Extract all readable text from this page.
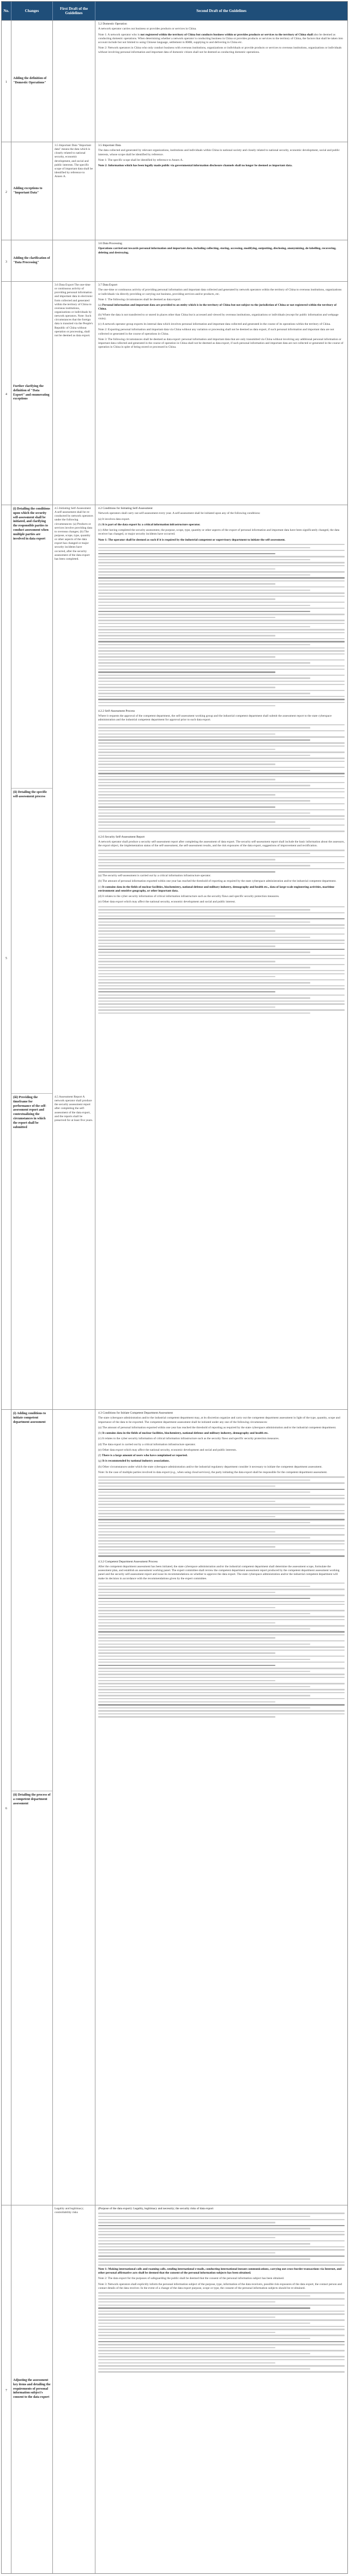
No.	Changes
First Draft of the Guidelines
Second Draft of the Guidelines
1
Adding the definition of "Domestic Operations"
5.2 Domestic Operation

A network operator carries out business or provides products or services in China.

Note 1: A network operator who is not registered within the territory of China but conducts business within or provides products or services to the territory of China shall also be deemed as conducting domestic operations. When determining whether a network operator is conducting business in China or provides products or services to the territory of China, the factors that shall be taken into account include but not limited to using Chinese language, settlement in RMB, supplying to and delivering in China etc.

Note 2: Network operators in China who only conduct business with overseas institutions, organizations or individuals or provide products or services to overseas institutions, organizations or individuals without involving personal information and important data of domestic citizen shall not be deemed as conducting domestic operations.

2
Adding exceptions to "Important Data"
3.5 Important Data "Important data" means the data which is closely related to national security, economic development, and social and public interests. The specific scope of important data shall be identified by reference to Annex A.
3.5 Important Data

The data collected and generated by relevant organizations, institutions and individuals within China in national society and closely related to national security, economic development, social and public interests, whose scope shall be identified by reference.

Note 1: The specific scope shall be identified by reference to Annex A.

Note 2: Information which has been legally made public via governmental information disclosure channels shall no longer be deemed as important data.

3
Adding the clarification of "Data Processing"
3.6 Data Processing

Operations carried out towards personal information and important data, including collecting, storing, accessing, modifying, outputting, disclosing, anonymizing, de-labelling, recovering, deleting and destroying.

4
Further clarifying the definition of "Data Export" and enumerating exceptions
3.6 Data Export The one-time or continuous activity of providing personal information and important data in electronic form collected and generated within the territory of China to overseas institutions, organizations or individuals by network operators. Note: Such circumstances that the foreign data is transited via the People's Republic of China without operation or processing, shall not be deemed as data export.
3.7 Data Export

The one-time or continuous activity of providing personal information and important data collected and generated by network operators within the territory of China to overseas institutions, organizations or individuals via directly providing or carrying out business, providing services and/or products, etc.

Note 1: The following circumstances shall be deemed as data export:

(a) Personal information and important data are provided to an entity which is in the territory of China but not subject to the jurisdiction of China or not registered within the territory of China.

(b) Where the data is not transferred to or stored in places other than China but is accessed and viewed by overseas institutions, organizations or individuals (except for public information and webpage visits).

(c) A network operator group exports its internal data which involves personal information and important data collected and generated in the course of its operations within the territory of China.

Note 2: Exporting personal information and important data via China without any variation or processing shall not be deemed as data export, if such personal information and important data are not collected or generated in the course of operations in China.

Note 3: The following circumstances shall be deemed as data export: personal information and important data that are only transmitted via China without involving any additional personal information or important data collected and generated in the course of operation in China shall not be deemed as data export, if such personal information and important data are not collected or generated in the course of operation in China in spite of being stored or processed in China.

5
(i) Detailing the conditions upon which the security self-assessment shall be initiated, and clarifying the responsible parties to conduct assessment when multiple parties are involved in data export
4.5 Initiating Self-Assessment A self-assessment shall be re-conducted by network operators under the following circumstances: (a) Products or services involve providing data to overseas changes; (b) The purpose, scope, type, quantity or other aspects of the data export has changed or major security incidents have occurred, after the security assessment of the data export has been completed.
(ii) Detailing the specific self-assessment process
(iii) Providing the timeframe for performance of the self-assessment report and contextualizing the circumstances in which the report shall be submitted
4.5 Assessment Report A network operator shall produce the security assessment report after completing the self-assessment of the data export, and the reports shall be preserved for at least five years.
4.2 Conditions for Initiating Self-Assessment

Network operators shall carry out self-assessment every year. A self-assessment shall be initiated upon any of the following conditions:

(a) It involves data export.

(b) It is part of the data export by a critical information infrastructure operator.

(c) After having completed the security assessment, the purpose, scope, type, quantity or other aspects of the export of personal information and important data have been significantly changed, the data receiver has changed, or major security incidents have occurred.

Note 1: The operator shall be deemed as such if it is required by the industrial competent or supervisory department to initiate the self-assessment.

4.2.2 Self-Assessment Process

Where it requests the approval of the competent department, the self-assessment working group and the industrial competent department shall submit the assessment report to the state cyberspace administration and the industrial competent department for approval prior to such data export.

4.2.6 Security Self-Assessment Report

A network operator shall produce a security self-assessment report after completing the assessment of data export. The security self-assessment report shall include the basic information about the assessors, the export object, the implementation status of the self-assessment, the self-assessment results, and the risk exposures of the data export, suggestions of improvement and rectification.

(a) The security self-assessment is carried out by a critical information infrastructure operator.

(b) The amount of personal information exported within one year has reached the threshold of reporting as required by the state cyberspace administration and/or the industrial competent department.

(c) It contains data in the fields of nuclear facilities, biochemistry, national defense and military industry, demography and health etc., data of large-scale engineering activities, maritime environment and sensitive geography, or other important data.

(d) It relates to the cyber security information of critical information infrastructure such as the security flaws and specific security protection measures.

(e) Other data export which may affect the national security, economic development and social and public interest.

6
(i) Adding conditions to initiate competent department assessment
(ii) Detailing the process of a competent department assessment
4.3 Conditions for Initiate Competent Department Assessment

The state cyberspace administration and/or the industrial competent department may, at its discretion organize and carry out the competent department assessment in light of the type, quantity, scope and importance of the data to be exported. The competent department assessment shall be initiated under any one of the following circumstances:

(a) The amount of personal information exported within one year has reached the threshold of reporting as required by the state cyberspace administration and/or the industrial competent department.

(b) It contains data in the fields of nuclear facilities, biochemistry, national defense and military industry, demography and health etc.

(c) It relates to the cyber security information of critical information infrastructure such as the security flaws and specific security protection measures.

(d) The data export is carried out by a critical information infrastructure operator.

(e) Other data export which may affect the national security, economic development and social and public interests.

(f) There is a large amount of users who have complained or reported.

(g) It is recommended by national industry associations.

(h) Other circumstances under which the state cyberspace administration and/or the industrial regulatory department consider it necessary to initiate the competent department assessment.

Note: In the case of multiple parties involved in data export (e.g., when using cloud services), the party initiating the data export shall be responsible for the competent department assessment.

4.3.2 Competent Department Assessment Process

After the competent department assessment has been initiated, the state cyberspace administration and/or the industrial competent department shall determine the assessment scope, formulate the assessment plan, and establish an assessment working panel. The expert committee shall review the competent department assessment report produced by the competent department assessment working panel and the security self-assessment report and issue its recommendations on whether to approve the data export. The state cyberspace administration and/or the industrial competent department will make its decision in accordance with the recommendations given by the expert committee.

7
Adjusting the assessment key items and detailing the requirements of personal information subject's consent to the data export
Legality and legitimacy; controllability risks
(Purpose of the data export): Legality, legitimacy and necessity; the security risks of data export

Note 1: Making international calls and roaming calls, sending international e-mails, conducting international instant communications, carrying out cross-border transactions via Internet, and other personal affirmative acts shall be deemed that the consent of the personal information subjects has been obtained.

Note 2: The data export for the purposes of safeguarding the public shall be deemed that the consent of the personal information subject has been obtained.

Note 3: Network operators shall explicitly inform the personal information subject of the purpose, type, information of the data receivers, possible risk exposures of the data export, the contact person and contact details of the data receiver. In the event of a change of the data export purpose, scope or type, the consent of the personal information subjects should be re-obtained.
